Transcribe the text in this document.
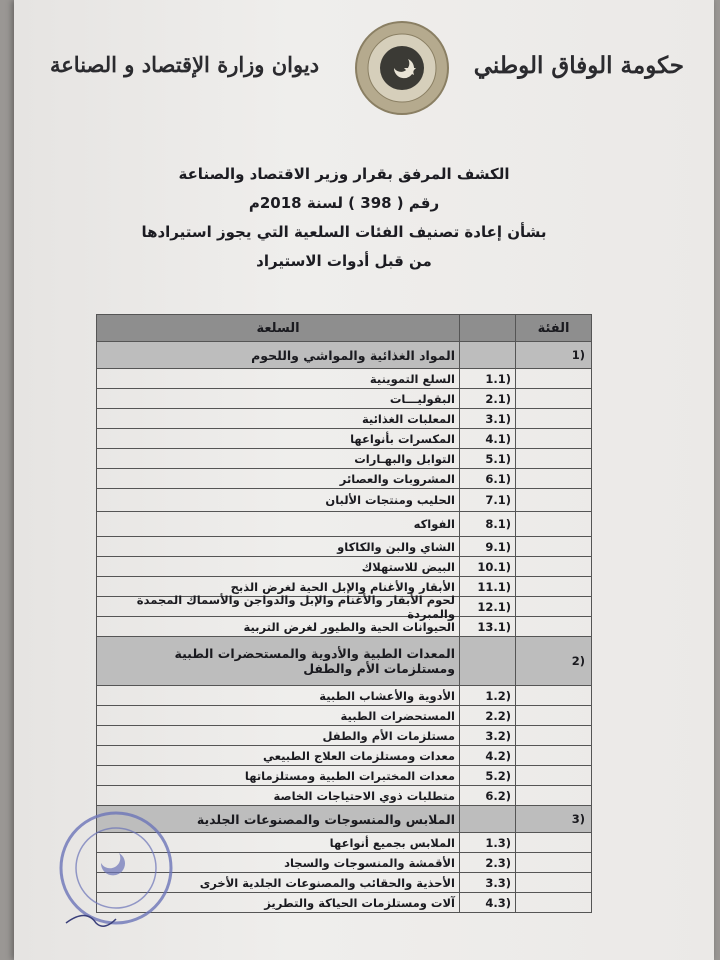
حكومة الوفاق الوطني
ديوان وزارة الإقتصاد و الصناعة
الكشف المرفق بقرار وزير الاقتصاد والصناعة
رقم ( 398 ) لسنة 2018م
بشأن إعادة تصنيف الفئات السلعية التي يجوز استيرادها
من قبل أدوات الاستيراد
الفئة
السلعة
(1
المواد الغذائية والمواشي واللحوم
(1.1
السلع التموينية
(2.1
البقوليـــات
(3.1
المعلبات الغذائية
(4.1
المكسرات بأنواعها
(5.1
التوابل والبهـارات
(6.1
المشروبات والعصائر
(7.1
الحليب ومنتجات الألبان
(8.1
الفواكه
(9.1
الشاي والبن والكاكاو
(10.1
البيض للاستهلاك
(11.1
الأبقار والأغنام والإبل الحية لغرض الذبح
(12.1
لحوم الأبقار والأغنام والإبل والدواجن والأسماك المجمدة والمبردة
(13.1
الحيوانات الحية والطيور لغرض التربية
(2
المعدات الطبية والأدوية والمستحضرات الطبية ومستلزمات الأم والطفل
(1.2
الأدوية والأعشاب الطبية
(2.2
المستحضرات الطبية
(3.2
مستلزمات الأم والطفل
(4.2
معدات ومستلزمات العلاج الطبيعي
(5.2
معدات المختبرات الطبية ومستلزماتها
(6.2
متطلبات ذوي الاحتياجات الخاصة
(3
الملابس والمنسوجات والمصنوعات الجلدية
(1.3
الملابس بجميع أنواعها
(2.3
الأقمشة والمنسوجات والسجاد
(3.3
الأحذية والحقائب والمصنوعات الجلدية الأخرى
(4.3
آلات ومستلزمات الحياكة والتطريز
